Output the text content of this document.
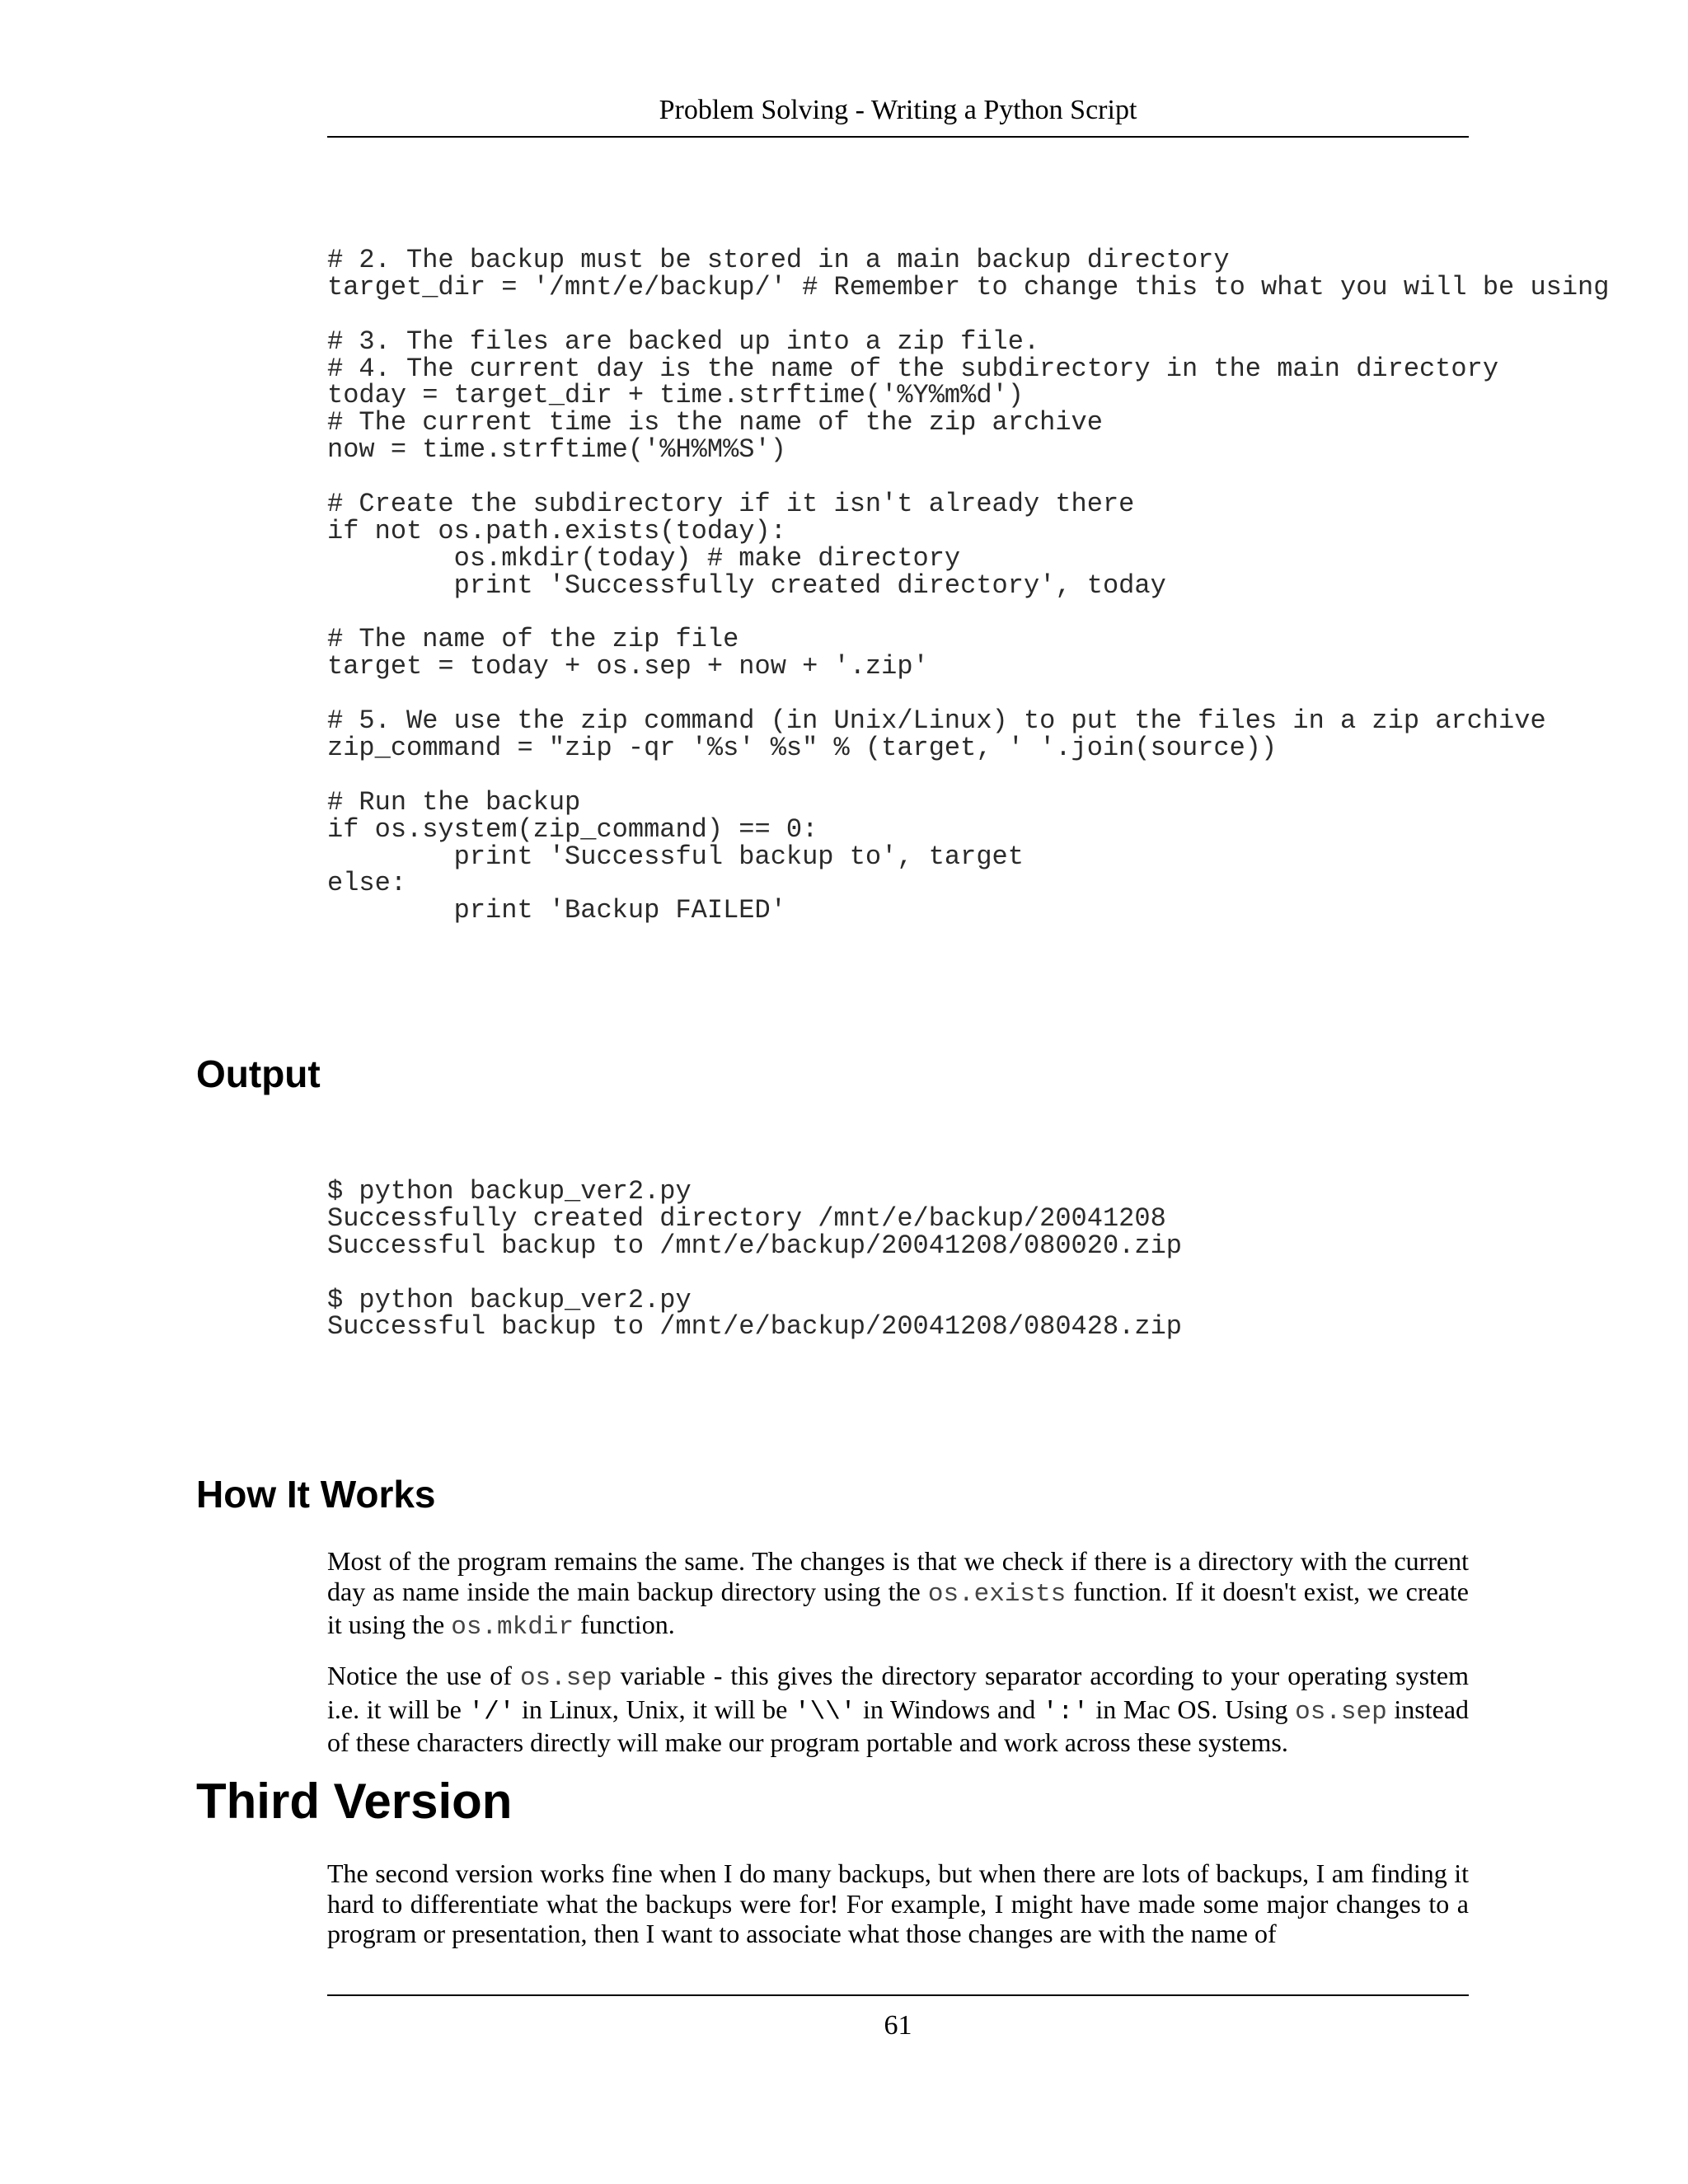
Problem Solving - Writing a Python Script
# 2. The backup must be stored in a main backup directory
target_dir = '/mnt/e/backup/' # Remember to change this to what you will be using
# 3. The files are backed up into a zip file.
# 4. The current day is the name of the subdirectory in the main directory
today = target_dir + time.strftime('%Y%m%d')
# The current time is the name of the zip archive
now = time.strftime('%H%M%S')
# Create the subdirectory if it isn't already there
if not os.path.exists(today):
os.mkdir(today) # make directory
print 'Successfully created directory', today
# The name of the zip file
target = today + os.sep + now + '.zip'
# 5. We use the zip command (in Unix/Linux) to put the files in a zip archive
zip_command = "zip -qr '%s' %s" % (target, ' '.join(source))
# Run the backup
if os.system(zip_command) == 0:
print 'Successful backup to', target
else:
print 'Backup FAILED'
Output
$ python backup_ver2.py
Successfully created directory /mnt/e/backup/20041208
Successful backup to /mnt/e/backup/20041208/080020.zip
$ python backup_ver2.py
Successful backup to /mnt/e/backup/20041208/080428.zip
How It Works

Most of the program remains the same. The changes is that we check if there is a directory with the current day as name inside the main backup directory using the os.exists function. If it doesn't exist, we create it using the os.mkdir function.

Notice the use of os.sep variable - this gives the directory separator according to your operating system i.e. it will be '/' in Linux, Unix, it will be '\\' in Windows and ':' in Mac OS. Using os.sep instead of these characters directly will make our program portable and work across these systems.

Third Version

The second version works fine when I do many backups, but when there are lots of backups, I am finding it hard to differentiate what the backups were for! For example, I might have made some major changes to a program or presentation, then I want to associate what those changes are with the name of

61
